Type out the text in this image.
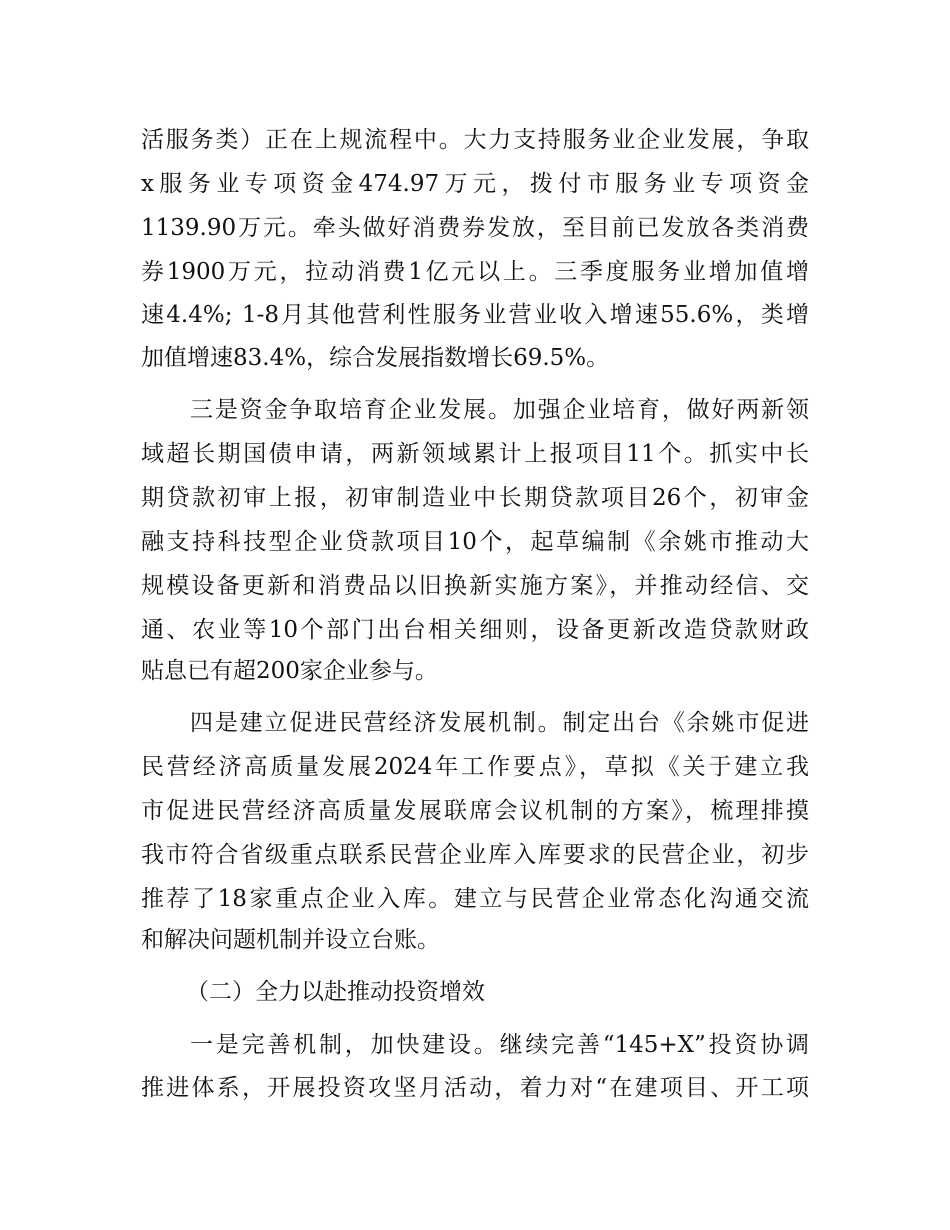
活服务类）正在上规流程中。大力支持服务业企业发展，争取
x服务业专项资金474.97万元，拨付市服务业专项资金
1139.90万元。牵头做好消费券发放，至目前已发放各类消费
券1900万元，拉动消费1亿元以上。三季度服务业增加值增
速4.4%; 1-8月其他营利性服务业营业收入增速55.6%，类增
加值增速83.4%，综合发展指数增长69.5%。
三是资金争取培育企业发展。加强企业培育，做好两新领
域超长期国债申请，两新领域累计上报项目11个。抓实中长
期贷款初审上报，初审制造业中长期贷款项目26个，初审金
融支持科技型企业贷款项目10个，起草编制《余姚市推动大
规模设备更新和消费品以旧换新实施方案》，并推动经信、交
通、农业等10个部门出台相关细则，设备更新改造贷款财政
贴息已有超200家企业参与。
四是建立促进民营经济发展机制。制定出台《余姚市促进
民营经济高质量发展2024年工作要点》，草拟《关于建立我
市促进民营经济高质量发展联席会议机制的方案》，梳理排摸
我市符合省级重点联系民营企业库入库要求的民营企业，初步
推荐了18家重点企业入库。建立与民营企业常态化沟通交流
和解决问题机制并设立台账。
（二）全力以赴推动投资增效
一是完善机制，加快建设。继续完善“145+X”投资协调
推进体系，开展投资攻坚月活动，着力对“在建项目、开工项
